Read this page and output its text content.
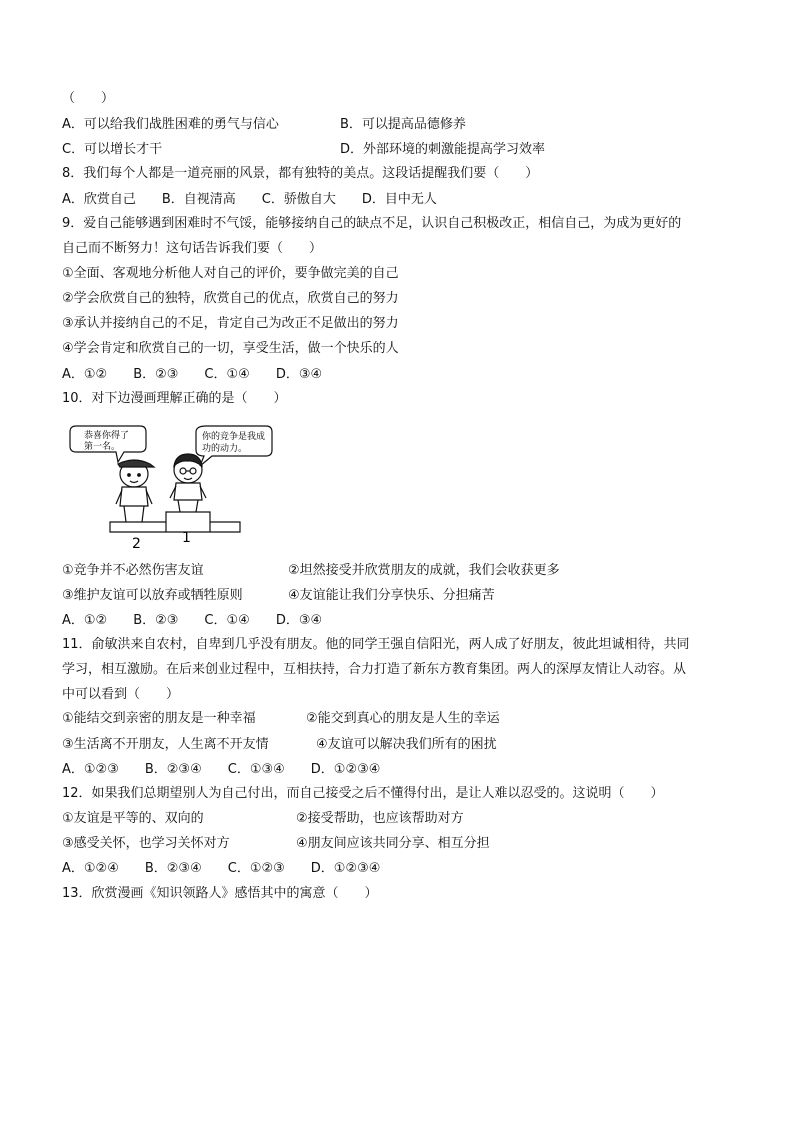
（　　）
A．可以给我们战胜困难的勇气与信心	B．可以提高品德修养
C．可以增长才干	D．外部环境的刺激能提高学习效率
8．我们每个人都是一道亮丽的风景，都有独特的美点。这段话提醒我们要（　　）
A．欣赏自己　　B．自视清高　　C．骄傲自大　　D．目中无人
9．爱自己能够遇到困难时不气馁，能够接纳自己的缺点不足，认识自己积极改正，相信自己，为成为更好的
自己而不断努力！这句话告诉我们要（　　）
①全面、客观地分析他人对自己的评价，要争做完美的自己
②学会欣赏自己的独特，欣赏自己的优点，欣赏自己的努力
③承认并接纳自己的不足，肯定自己为改正不足做出的努力
④学会肯定和欣赏自己的一切，享受生活，做一个快乐的人
A．①②　　B．②③　　C．①④　　D．③④
10．对下边漫画理解正确的是（　　）
恭喜你得了
第一名。
你的竞争是我成
功的动力。
2	1
①竞争并不必然伤害友谊	②坦然接受并欣赏朋友的成就，我们会收获更多
③维护友谊可以放弃或牺牲原则	④友谊能让我们分享快乐、分担痛苦
A．①②　　B．②③　　C．①④　　D．③④
11．俞敏洪来自农村，自卑到几乎没有朋友。他的同学王强自信阳光，两人成了好朋友，彼此坦诚相待，共同
学习，相互激励。在后来创业过程中，互相扶持，合力打造了新东方教育集团。两人的深厚友情让人动容。从
中可以看到（　　）
①能结交到亲密的朋友是一种幸福	②能交到真心的朋友是人生的幸运
③生活离不开朋友，人生离不开友情	④友谊可以解决我们所有的困扰
A．①②③　　B．②③④　　C．①③④　　D．①②③④
12．如果我们总期望别人为自己付出，而自己接受之后不懂得付出，是让人难以忍受的。这说明（　　）
①友谊是平等的、双向的	②接受帮助，也应该帮助对方
③感受关怀，也学习关怀对方	④朋友间应该共同分享、相互分担
A．①②④　　B．②③④　　C．①②③　　D．①②③④
13．欣赏漫画《知识领路人》感悟其中的寓意（　　）
